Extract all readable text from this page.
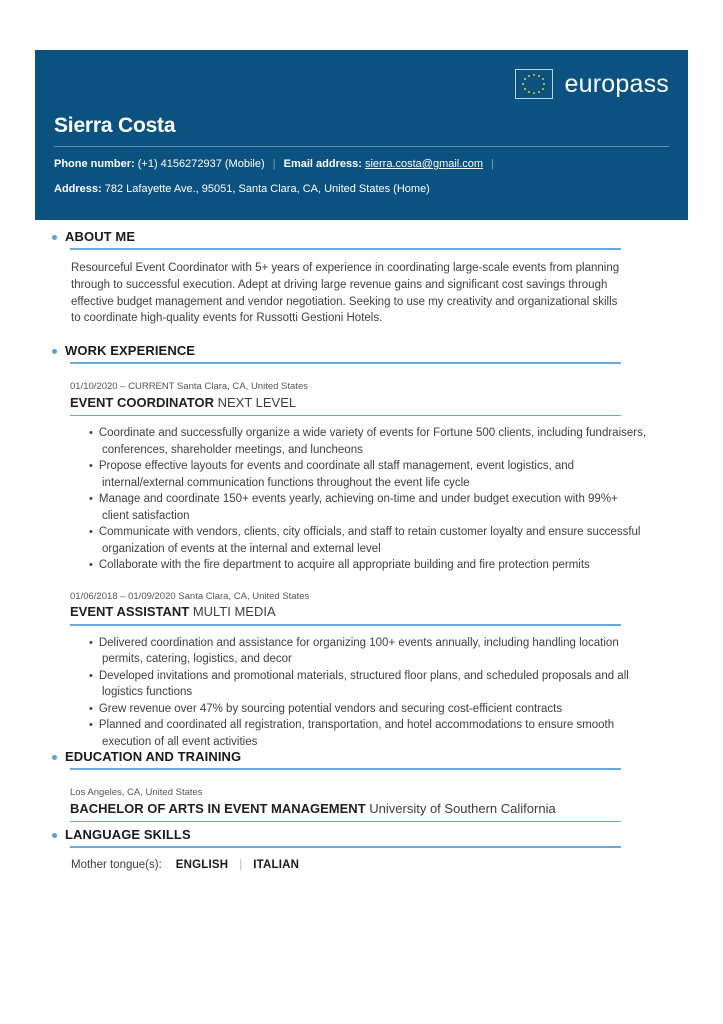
europass
Sierra Costa
Phone number: (+1) 4156272937 (Mobile) | Email address: sierra.costa@gmail.com |
Address: 782 Lafayette Ave., 95051, Santa Clara, CA, United States (Home)
ABOUT ME
Resourceful Event Coordinator with 5+ years of experience in coordinating large-scale events from planning through to successful execution. Adept at driving large revenue gains and significant cost savings through effective budget management and vendor negotiation. Seeking to use my creativity and organizational skills to coordinate high-quality events for Russotti Gestioni Hotels.
WORK EXPERIENCE
01/10/2020 – CURRENT Santa Clara, CA, United States
EVENT COORDINATOR NEXT LEVEL
• Coordinate and successfully organize a wide variety of events for Fortune 500 clients, including fundraisers, conferences, shareholder meetings, and luncheons
• Propose effective layouts for events and coordinate all staff management, event logistics, and internal/external communication functions throughout the event life cycle
• Manage and coordinate 150+ events yearly, achieving on-time and under budget execution with 99%+ client satisfaction
• Communicate with vendors, clients, city officials, and staff to retain customer loyalty and ensure successful organization of events at the internal and external level
• Collaborate with the fire department to acquire all appropriate building and fire protection permits
01/06/2018 – 01/09/2020 Santa Clara, CA, United States
EVENT ASSISTANT MULTI MEDIA
• Delivered coordination and assistance for organizing 100+ events annually, including handling location permits, catering, logistics, and decor
• Developed invitations and promotional materials, structured floor plans, and scheduled proposals and all logistics functions
• Grew revenue over 47% by sourcing potential vendors and securing cost-efficient contracts
• Planned and coordinated all registration, transportation, and hotel accommodations to ensure smooth execution of all event activities
EDUCATION AND TRAINING
Los Angeles, CA, United States
BACHELOR OF ARTS IN EVENT MANAGEMENT University of Southern California
LANGUAGE SKILLS
Mother tongue(s): ENGLISH | ITALIAN
